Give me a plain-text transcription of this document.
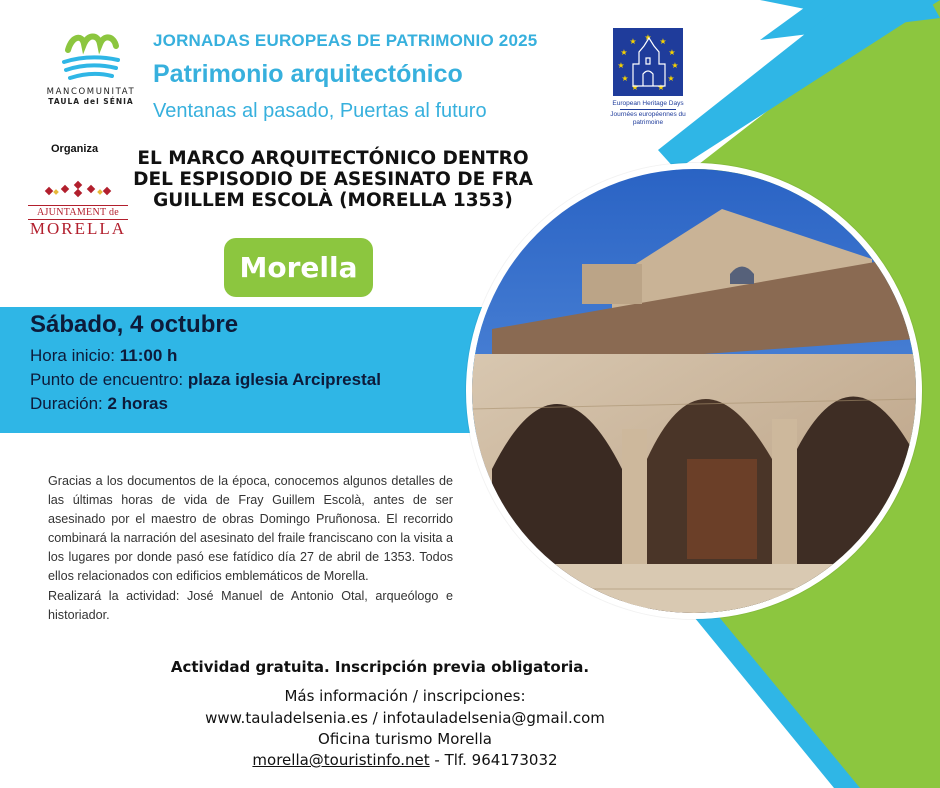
MANCOMUNITAT
TAULA del SÉNIA
JORNADAS EUROPEAS DE PATRIMONIO 2025
Patrimonio arquitectónico
Ventanas al pasado, Puertas al futuro
★ ★
★
★
★
★
★
★
★
★
★
European Heritage Days
Journées européennes du patrimoine
Organiza
AJUNTAMENT de
MORELLA
EL MARCO ARQUITECTÓNICO DENTRO
DEL ESPISODIO DE ASESINATO DE FRA
GUILLEM ESCOLÀ (MORELLA 1353)
Morella
Sábado, 4 octubre
Hora inicio: 11:00 h
Punto de encuentro: plaza iglesia Arciprestal
Duración: 2 horas

Gracias a los documentos de la época, conocemos algunos detalles de las últimas horas de vida de Fray Guillem Escolà, antes de ser asesinado por el maestro de obras Domingo Pruñonosa. El recorrido combinará la narración del asesinato del fraile franciscano con la visita a los lugares por donde pasó ese fatídico día 27 de abril de 1353. Todos ellos relacionados con edificios emblemáticos de Morella.

Realizará la actividad: José Manuel de Antonio Otal, arqueólogo e historiador.

Actividad gratuita. Inscripción previa obligatoria.
Más información / inscripciones:
www.tauladelsenia.es / infotauladelsenia@gmail.com
Oficina turismo Morella
morella@touristinfo.net - Tlf. 964173032
